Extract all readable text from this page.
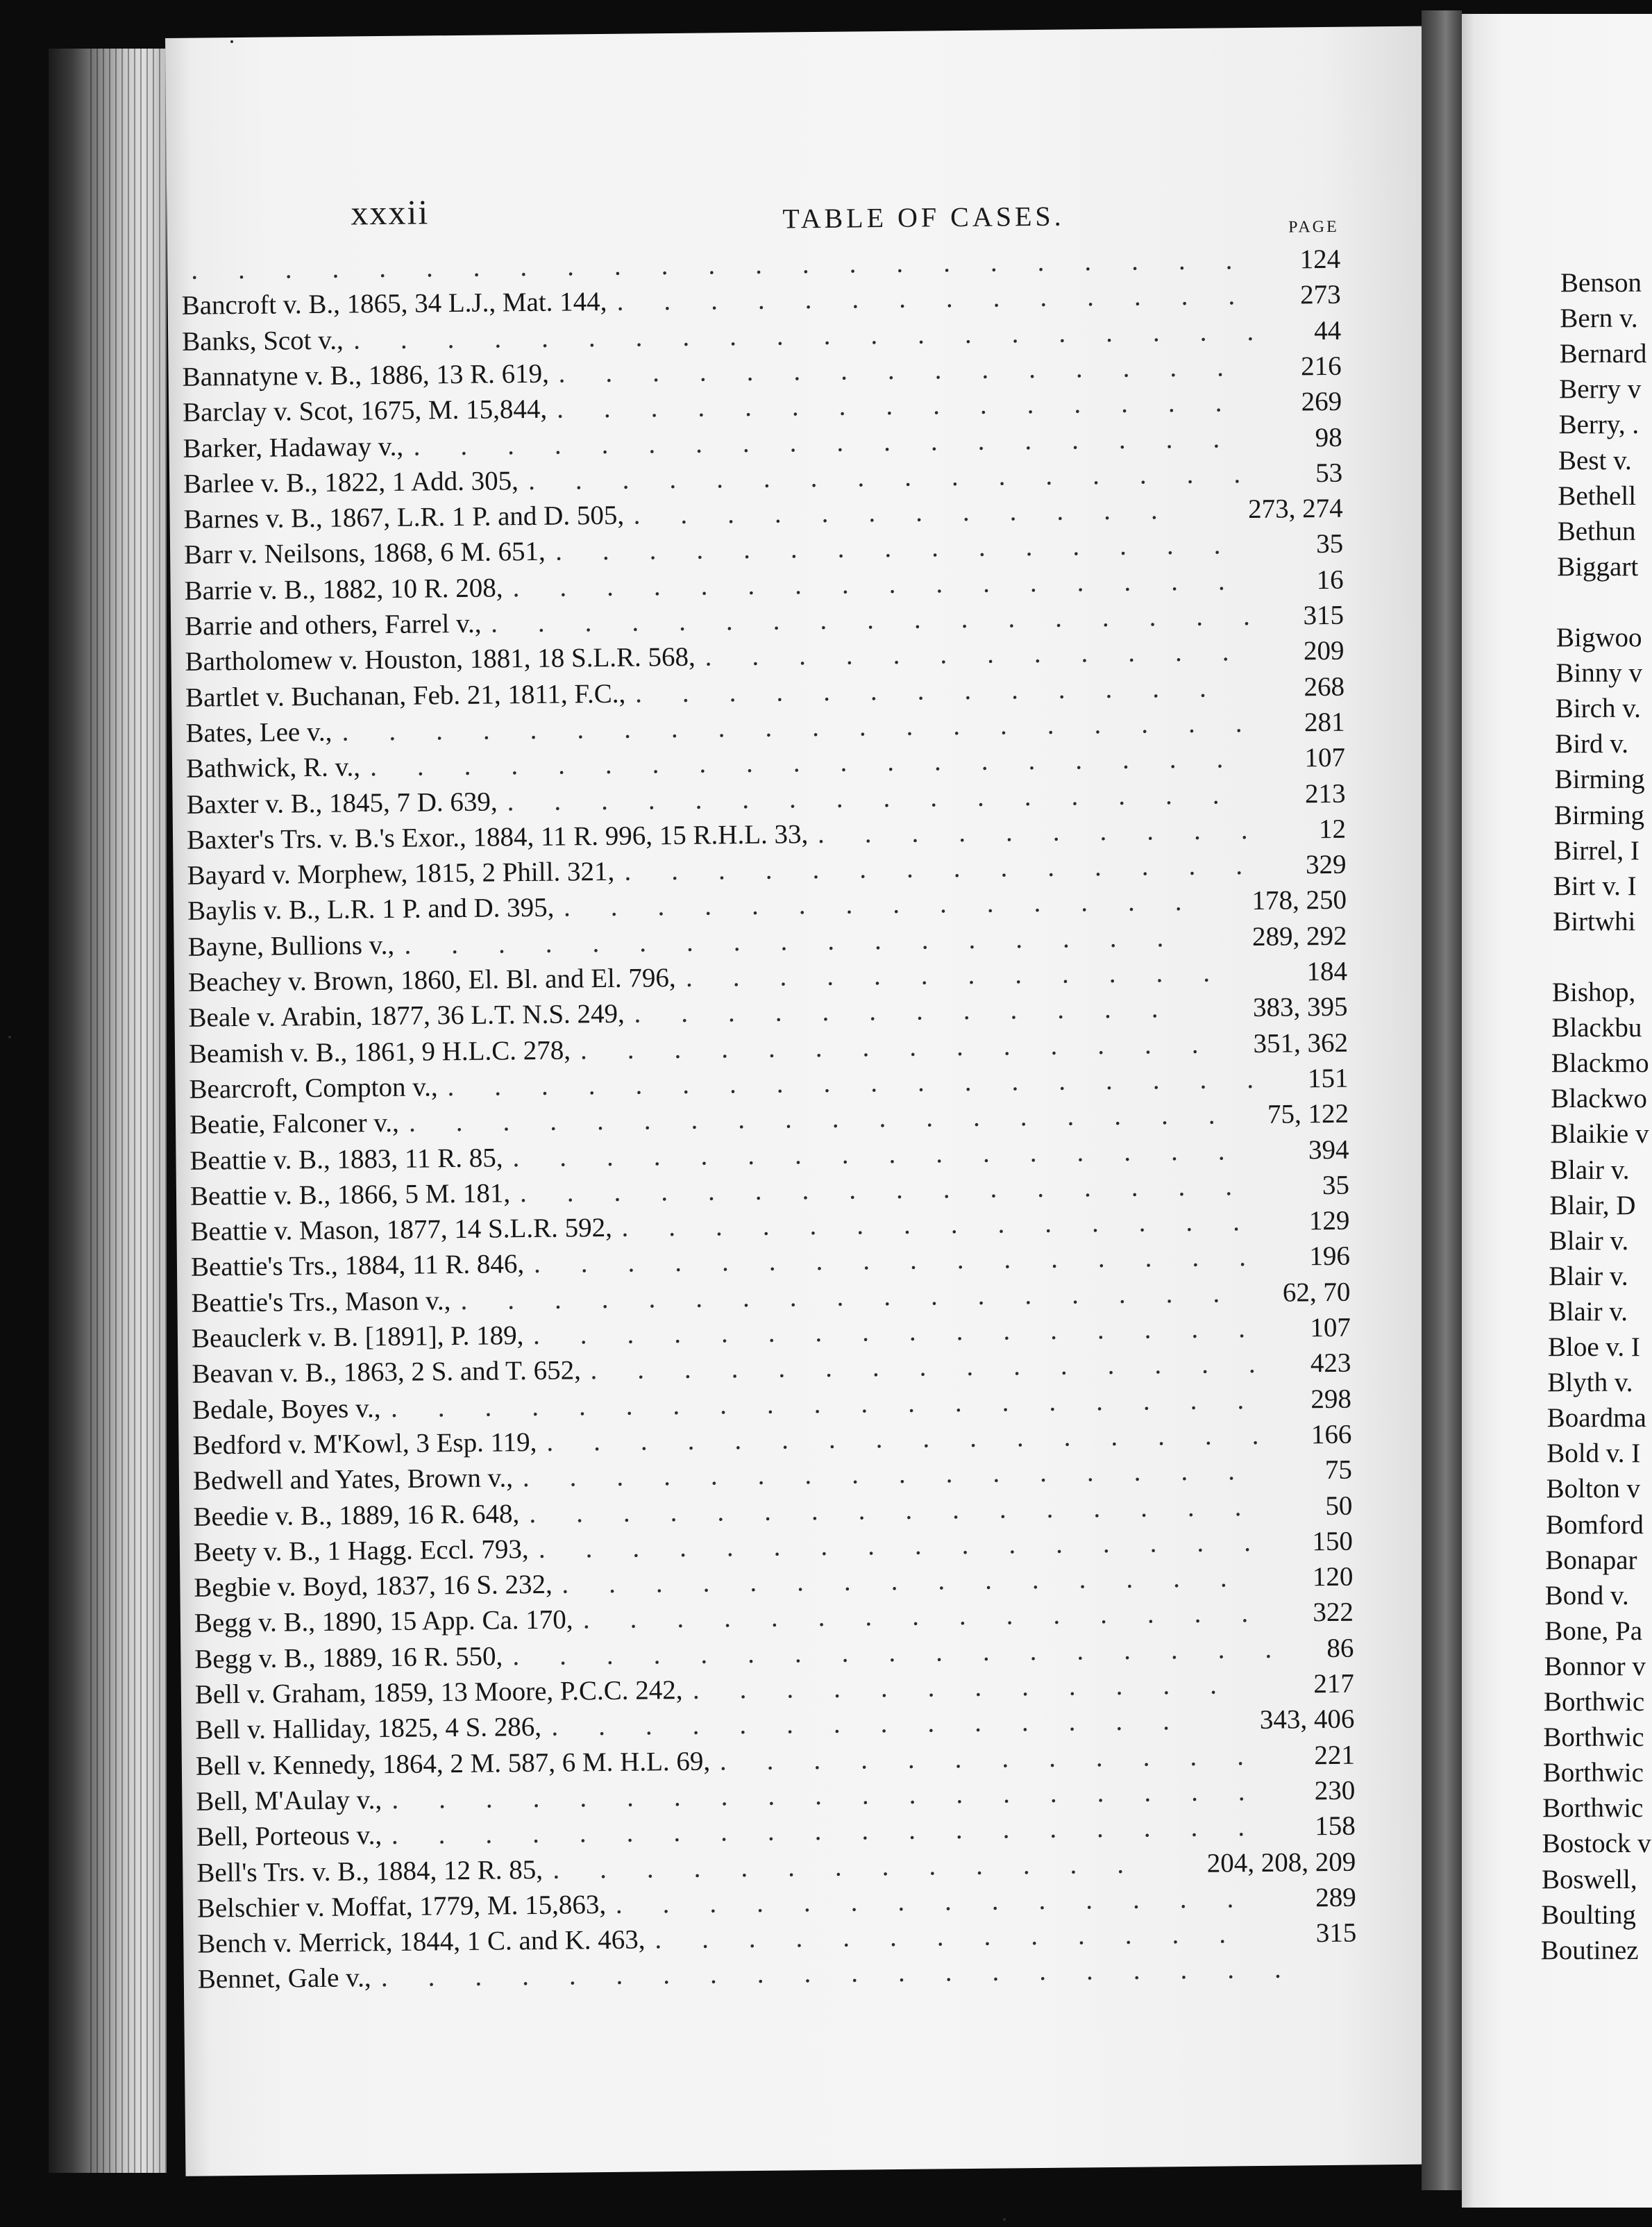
xxxii	TABLE OF CASES.	PAGE
124
.......................
Bancroft v. B., 1865, 34 L.J., Mat. 144,	273
..............
Banks, Scot v.,	44
....................
Bannatyne v. B., 1886, 13 R. 619,	216
...............
Barclay v. Scot, 1675, M. 15,844,	269
...............
Barker, Hadaway v.,	98
..................
Barlee v. B., 1822, 1 Add. 305,	53
................
Barnes v. B., 1867, L.R. 1 P. and D. 505,	273, 274
............
Barr v. Neilsons, 1868, 6 M. 651,	35
...............
Barrie v. B., 1882, 10 R. 208,	16
................
Barrie and others, Farrel v.,	315
.................
Bartholomew v. Houston, 1881, 18 S.L.R. 568,	209
............
Bartlet v. Buchanan, Feb. 21, 1811, F.C.,	268
.............
Bates, Lee v.,	281
....................
Bathwick, R. v.,	107
...................
Baxter v. B., 1845, 7 D. 639,	213
................
Baxter's Trs. v. B.'s Exor., 1884, 11 R. 996, 15 R.H.L. 33,	12
..........
Bayard v. Morphew, 1815, 2 Phill. 321,	329
..............
Baylis v. B., L.R. 1 P. and D. 395,	178, 250
..............
Bayne, Bullions v.,	289, 292
.................
Beachey v. Brown, 1860, El. Bl. and El. 796,	184
............
Beale v. Arabin, 1877, 36 L.T. N.S. 249,	383, 395
............
Beamish v. B., 1861, 9 H.L.C. 278,	351, 362
..............
Bearcroft, Compton v.,	151
..................
Beatie, Falconer v.,	75, 122
..................
Beattie v. B., 1883, 11 R. 85,	394
................
Beattie v. B., 1866, 5 M. 181,	35
................
Beattie v. Mason, 1877, 14 S.L.R. 592,	129
..............
Beattie's Trs., 1884, 11 R. 846,	196
................
Beattie's Trs., Mason v.,	62, 70
.................
Beauclerk v. B. [1891], P. 189,	107
................
Beavan v. B., 1863, 2 S. and T. 652,	423
...............
Bedale, Boyes v.,	298
...................
Bedford v. M'Kowl, 3 Esp. 119,	166
................
Bedwell and Yates, Brown v.,	75
................
Beedie v. B., 1889, 16 R. 648,	50
................
Beety v. B., 1 Hagg. Eccl. 793,	150
................
Begbie v. Boyd, 1837, 16 S. 232,	120
...............
Begg v. B., 1890, 15 App. Ca. 170,	322
...............
Begg v. B., 1889, 16 R. 550,	86
.................
Bell v. Graham, 1859, 13 Moore, P.C.C. 242,	217
............
Bell v. Halliday, 1825, 4 S. 286,	343, 406
..............
Bell v. Kennedy, 1864, 2 M. 587, 6 M. H.L. 69,	221
............
Bell, M'Aulay v.,	230
...................
Bell, Porteous v.,	158
...................
Bell's Trs. v. B., 1884, 12 R. 85,	204, 208, 209
.............
Belschier v. Moffat, 1779, M. 15,863,	289
..............
Bench v. Merrick, 1844, 1 C. and K. 463,	315
.............
Bennet, Gale v., ....................
Benson
Bern v.
Bernard
Berry v
Berry, .
Best v.
Bethell
Bethun
Biggart
Bigwoo
Binny v
Birch v.
Bird v.
Birming
Birming
Birrel, I
Birt v. I
Birtwhi
Bishop,
Blackbu
Blackmo
Blackwo
Blaikie v
Blair v.
Blair, D
Blair v.
Blair v.
Blair v.
Bloe v. I
Blyth v.
Boardma
Bold v. I
Bolton v
Bomford
Bonapar
Bond v.
Bone, Pa
Bonnor v
Borthwic
Borthwic
Borthwic
Borthwic
Bostock v
Boswell,
Boulting
Boutinez
